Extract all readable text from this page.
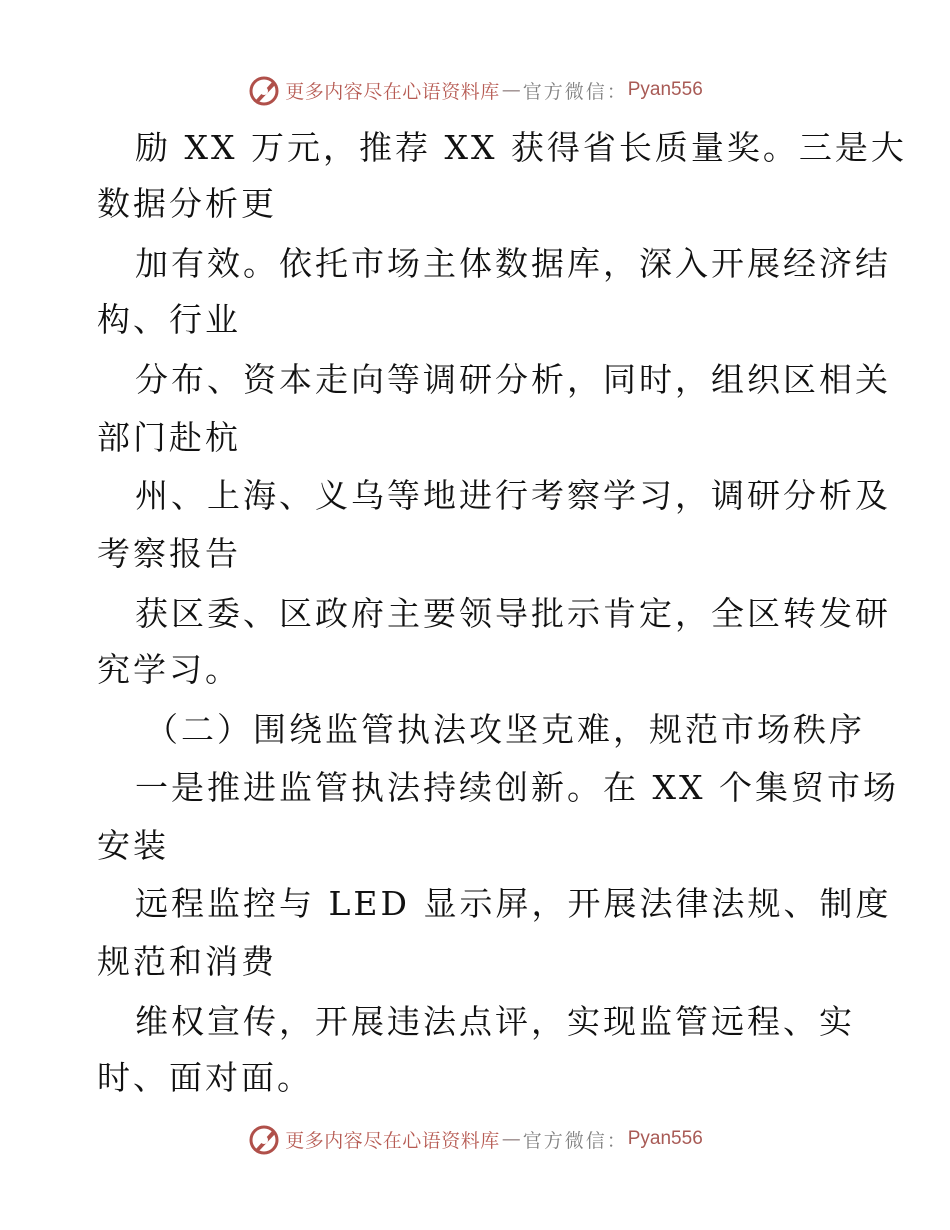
更多内容尽在心语资料库 — 官方微信： Pyan556
励 XX 万元，推荐 XX 获得省长质量奖。三是大
数据分析更
加有效。依托市场主体数据库，深入开展经济结
构、行业
分布、资本走向等调研分析，同时，组织区相关
部门赴杭
州、上海、义乌等地进行考察学习，调研分析及
考察报告
获区委、区政府主要领导批示肯定，全区转发研
究学习。
（二）围绕监管执法攻坚克难，规范市场秩序
一是推进监管执法持续创新。在 XX 个集贸市场
安装
远程监控与 LED 显示屏，开展法律法规、制度
规范和消费
维权宣传，开展违法点评，实现监管远程、实
时、面对面。
更多内容尽在心语资料库 — 官方微信： Pyan556
